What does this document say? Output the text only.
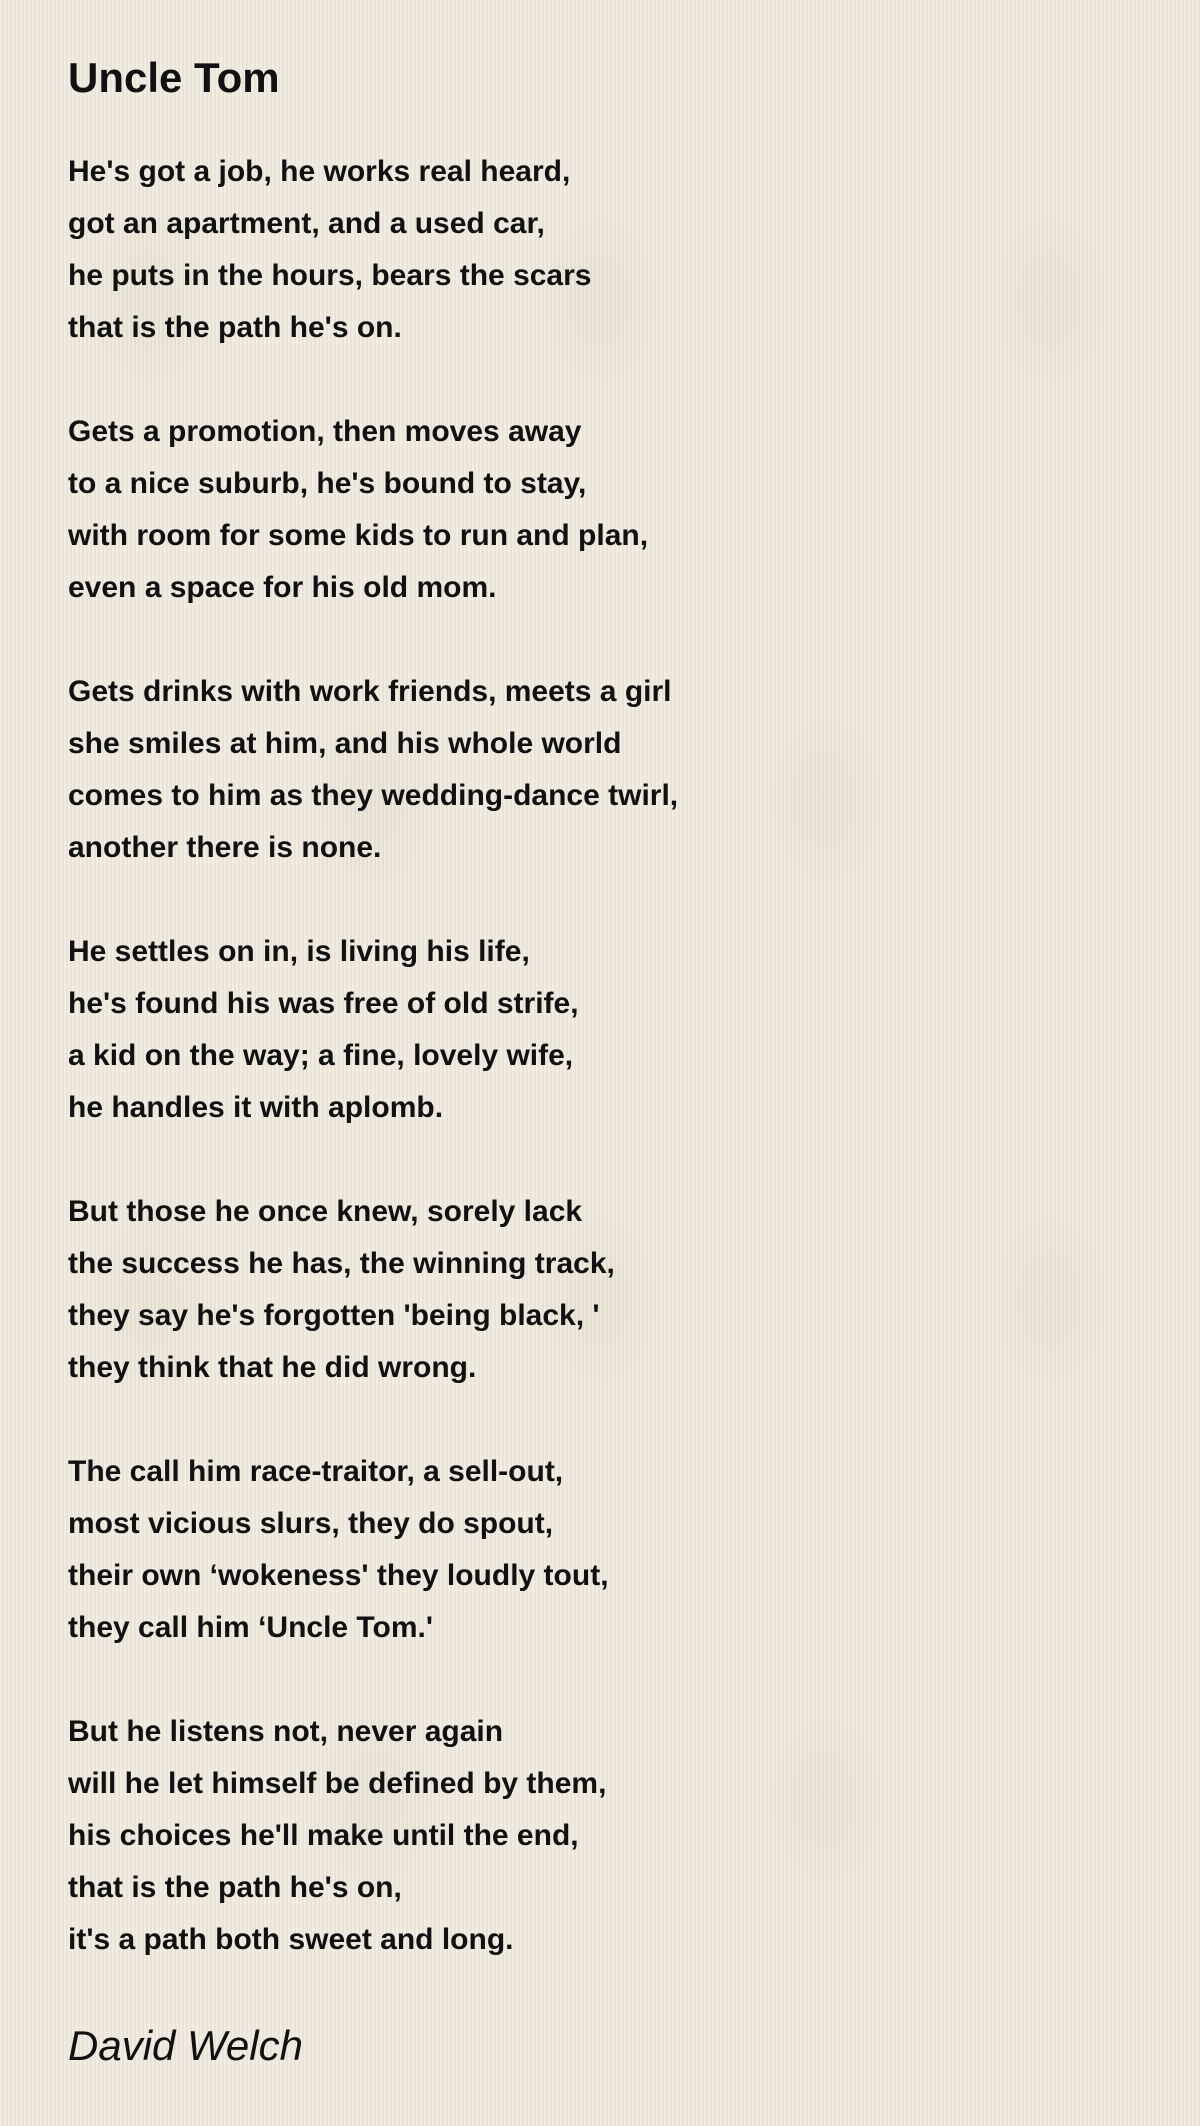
Uncle Tom
He's got a job, he works real heard,
got an apartment, and a used car,
he puts in the hours, bears the scars
that is the path he's on.
Gets a promotion, then moves away
to a nice suburb, he's bound to stay,
with room for some kids to run and plan,
even a space for his old mom.
Gets drinks with work friends, meets a girl
she smiles at him, and his whole world
comes to him as they wedding-dance twirl,
another there is none.
He settles on in, is living his life,
he's found his was free of old strife,
a kid on the way; a fine, lovely wife,
he handles it with aplomb.
But those he once knew, sorely lack
the success he has, the winning track,
they say he's forgotten 'being black, '
they think that he did wrong.
The call him race-traitor, a sell-out,
most vicious slurs, they do spout,
their own ‘wokeness' they loudly tout,
they call him ‘Uncle Tom.'
But he listens not, never again
will he let himself be defined by them,
his choices he'll make until the end,
that is the path he's on,
it's a path both sweet and long.
David Welch
